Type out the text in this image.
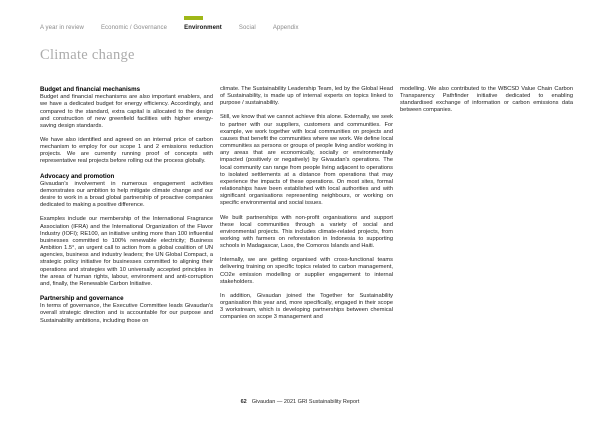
A year in review	Economic / Governance	Environment	Social	Appendix
Climate change
Budget and financial mechanisms

Budget and financial mechanisms are also important enablers, and we have a dedicated budget for energy efficiency. Accordingly, and compared to the standard, extra capital is allocated to the design and construction of new greenfield facilities with higher energy-saving design standards.

We have also identified and agreed on an internal price of carbon mechanism to employ for our scope 1 and 2 emissions reduction projects. We are currently running proof of concepts with representative real projects before rolling out the process globally.

Advocacy and promotion

Givaudan's involvement in numerous engagement activities demonstrates our ambition to help mitigate climate change and our desire to work in a broad global partnership of proactive companies dedicated to making a positive difference.

Examples include our membership of the International Fragrance Association (IFRA) and the International Organization of the Flavor Industry (IOFI); RE100, an initiative uniting more than 100 influential businesses committed to 100% renewable electricity; Business Ambition 1.5°, an urgent call to action from a global coalition of UN agencies, business and industry leaders; the UN Global Compact, a strategic policy initiative for businesses committed to aligning their operations and strategies with 10 universally accepted principles in the areas of human rights, labour, environment and anti-corruption and, finally, the Renewable Carbon Initiative.

Partnership and governance

In terms of governance, the Executive Committee leads Givaudan's overall strategic direction and is accountable for our purpose and Sustainability ambitions, including those on

climate. The Sustainability Leadership Team, led by the Global Head of Sustainability, is made up of internal experts on topics linked to purpose / sustainability.

Still, we know that we cannot achieve this alone. Externally, we seek to partner with our suppliers, customers and communities. For example, we work together with local communities on projects and causes that benefit the communities where we work. We define local communities as persons or groups of people living and/or working in any areas that are economically, socially or environmentally impacted (positively or negatively) by Givaudan's operations. The local community can range from people living adjacent to operations to isolated settlements at a distance from operations that may experience the impacts of these operations. On most sites, formal relationships have been established with local authorities and with significant organisations representing neighbours, or working on specific environmental and social issues.

We built partnerships with non-profit organisations and support these local communities through a variety of social and environmental projects. This includes climate-related projects, from working with farmers on reforestation in Indonesia to supporting schools in Madagascar, Laos, the Comoros Islands and Haiti.

Internally, we are getting organised with cross-functional teams delivering training on specific topics related to carbon management, CO2e emission modelling or supplier engagement to internal stakeholders.

In addition, Givaudan joined the Together for Sustainability organisation this year and, more specifically, engaged in their scope 3 workstream, which is developing partnerships between chemical companies on scope 3 management and

modelling. We also contributed to the WBCSD Value Chain Carbon Transparency Pathfinder initiative dedicated to enabling standardised exchange of information or carbon emissions data between companies.

62 Givaudan — 2021 GRI Sustainability Report
